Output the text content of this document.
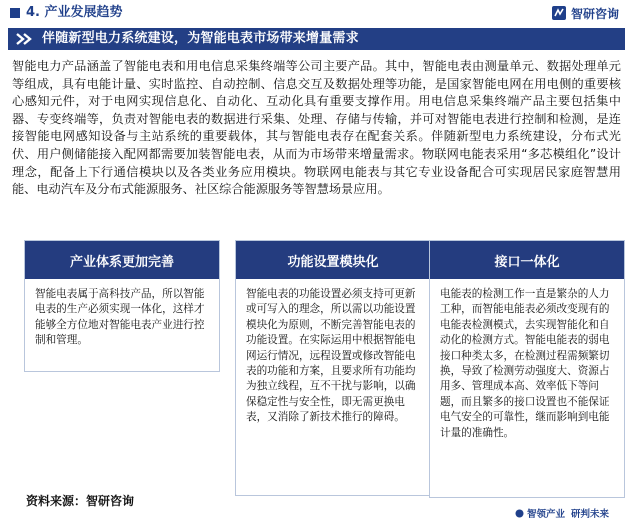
4. 产业发展趋势	智研咨询
伴随新型电力系统建设，为智能电表市场带来增量需求

智能电力产品涵盖了智能电表和用电信息采集终端等公司主要产品。其中，智能电表由测量单元、数据处理单元等组成，具有电能计量、实时监控、自动控制、信息交互及数据处理等功能，是国家智能电网在用电侧的重要核心感知元件，对于电网实现信息化、自动化、互动化具有重要支撑作用。用电信息采集终端产品主要包括集中器、专变终端等，负责对智能电表的数据进行采集、处理、存储与传输，并可对智能电表进行控制和检测，是连接智能电网感知设备与主站系统的重要载体，其与智能电表存在配套关系。伴随新型电力系统建设，分布式光伏、用户侧储能接入配网都需要加装智能电表，从而为市场带来增量需求。物联网电能表采用“多芯模组化”设计理念，配备上下行通信模块以及各类业务应用模块。物联网电能表与其它专业设备配合可实现居民家庭智慧用能、电动汽车及分布式能源服务、社区综合能源服务等智慧场景应用。

产业体系更加完善
智能电表属于高科技产品，所以智能电表的生产必须实现一体化，这样才能够全方位地对智能电表产业进行控制和管理。
功能设置模块化
智能电表的功能设置必须支持可更新或可写入的理念，所以需以功能设置模块化为原则，不断完善智能电表的功能设置。在实际运用中根据智能电网运行情况，远程设置或修改智能电表的功能和方案，且要求所有功能均为独立线程，互不干扰与影响，以确保稳定性与安全性，即无需更换电表，又消除了新技术推行的障碍。
接口一体化
电能表的检测工作一直是繁杂的人力工种，而智能电能表必须改变现有的电能表检测模式，去实现智能化和自动化的检测方式。智能电能表的弱电接口种类太多，在检测过程需频繁切换，导致了检测劳动强度大、资源占用多、管理成本高、效率低下等问题，而且繁多的接口设置也不能保证电气安全的可靠性，继而影响到电能计量的准确性。
资料来源：智研咨询
智领产业 研判未来
